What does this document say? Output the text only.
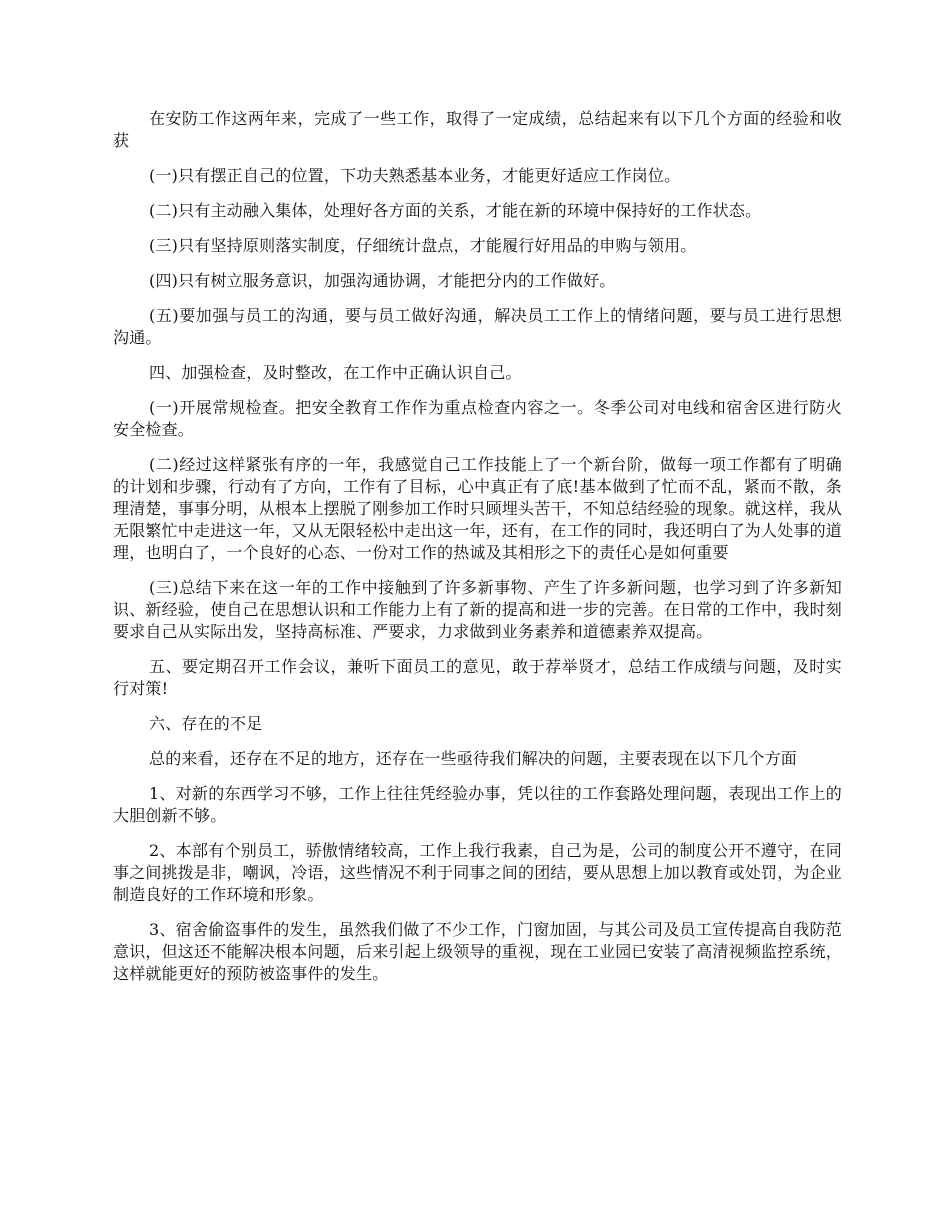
在安防工作这两年来，完成了一些工作，取得了一定成绩，总结起来有以下几个方面的经验和收获

(一)只有摆正自己的位置，下功夫熟悉基本业务，才能更好适应工作岗位。

(二)只有主动融入集体，处理好各方面的关系，才能在新的环境中保持好的工作状态。

(三)只有坚持原则落实制度，仔细统计盘点，才能履行好用品的申购与领用。

(四)只有树立服务意识，加强沟通协调，才能把分内的工作做好。

(五)要加强与员工的沟通，要与员工做好沟通，解决员工工作上的情绪问题，要与员工进行思想沟通。

四、加强检查，及时整改，在工作中正确认识自己。

(一)开展常规检查。把安全教育工作作为重点检查内容之一。冬季公司对电线和宿舍区进行防火安全检查。

(二)经过这样紧张有序的一年，我感觉自己工作技能上了一个新台阶，做每一项工作都有了明确的计划和步骤，行动有了方向，工作有了目标，心中真正有了底!基本做到了忙而不乱，紧而不散，条理清楚，事事分明，从根本上摆脱了刚参加工作时只顾埋头苦干，不知总结经验的现象。就这样，我从无限繁忙中走进这一年，又从无限轻松中走出这一年，还有，在工作的同时，我还明白了为人处事的道理，也明白了，一个良好的心态、一份对工作的热诚及其相形之下的责任心是如何重要

(三)总结下来在这一年的工作中接触到了许多新事物、产生了许多新问题，也学习到了许多新知识、新经验，使自己在思想认识和工作能力上有了新的提高和进一步的完善。在日常的工作中，我时刻要求自己从实际出发，坚持高标准、严要求，力求做到业务素养和道德素养双提高。

五、要定期召开工作会议，兼听下面员工的意见，敢于荐举贤才，总结工作成绩与问题，及时实行对策!

六、存在的不足

总的来看，还存在不足的地方，还存在一些亟待我们解决的问题，主要表现在以下几个方面

1、对新的东西学习不够，工作上往往凭经验办事，凭以往的工作套路处理问题，表现出工作上的大胆创新不够。

2、本部有个别员工，骄傲情绪较高，工作上我行我素，自己为是，公司的制度公开不遵守，在同事之间挑拨是非，嘲讽，冷语，这些情况不利于同事之间的团结，要从思想上加以教育或处罚，为企业制造良好的工作环境和形象。

3、宿舍偷盗事件的发生，虽然我们做了不少工作，门窗加固，与其公司及员工宣传提高自我防范意识，但这还不能解决根本问题，后来引起上级领导的重视，现在工业园已安装了高清视频监控系统，这样就能更好的预防被盗事件的发生。
